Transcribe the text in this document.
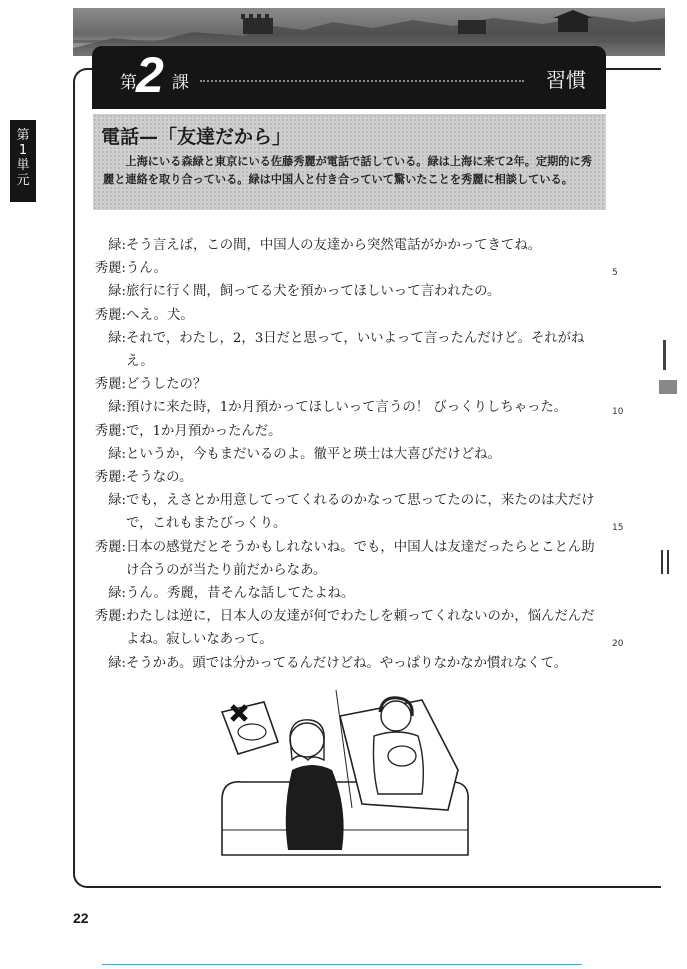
第 2 課	習慣
第
1
単
元
電話—「友達だから」
上海にいる森緑と東京にいる佐藤秀麗が電話で話している。緑は上海に来て2年。定期的に秀麗と連絡を取り合っている。緑は中国人と付き合っていて驚いたことを秀麗に相談している。
緑: そう言えば，この間，中国人の友達から突然電話がかかってきてね。
秀麗: うん。	5
緑: 旅行に行く間，飼ってる犬を預かってほしいって言われたの。
秀麗: へえ。犬。
緑: それで，わたし，2，3日だと思って，いいよって言ったんだけど。それがねえ。
秀麗: どうしたの？
緑: 預けに来た時，1か月預かってほしいって言うの！ びっくりしちゃった。	10
秀麗: で，1か月預かったんだ。
緑: というか，今もまだいるのよ。徹平と瑛士は大喜びだけどね。
秀麗: そうなの。
緑: でも，えさとか用意してってくれるのかなって思ってたのに，来たのは犬だけで，これもまたびっくり。	15
秀麗: 日本の感覚だとそうかもしれないね。でも，中国人は友達だったらとことん助け合うのが当たり前だからなあ。
緑: うん。秀麗，昔そんな話してたよね。
秀麗: わたしは逆に，日本人の友達が何でわたしを頼ってくれないのか，悩んだんだよね。寂しいなあって。	20
緑: そうかあ。頭では分かってるんだけどね。やっぱりなかなか慣れなくて。
22
